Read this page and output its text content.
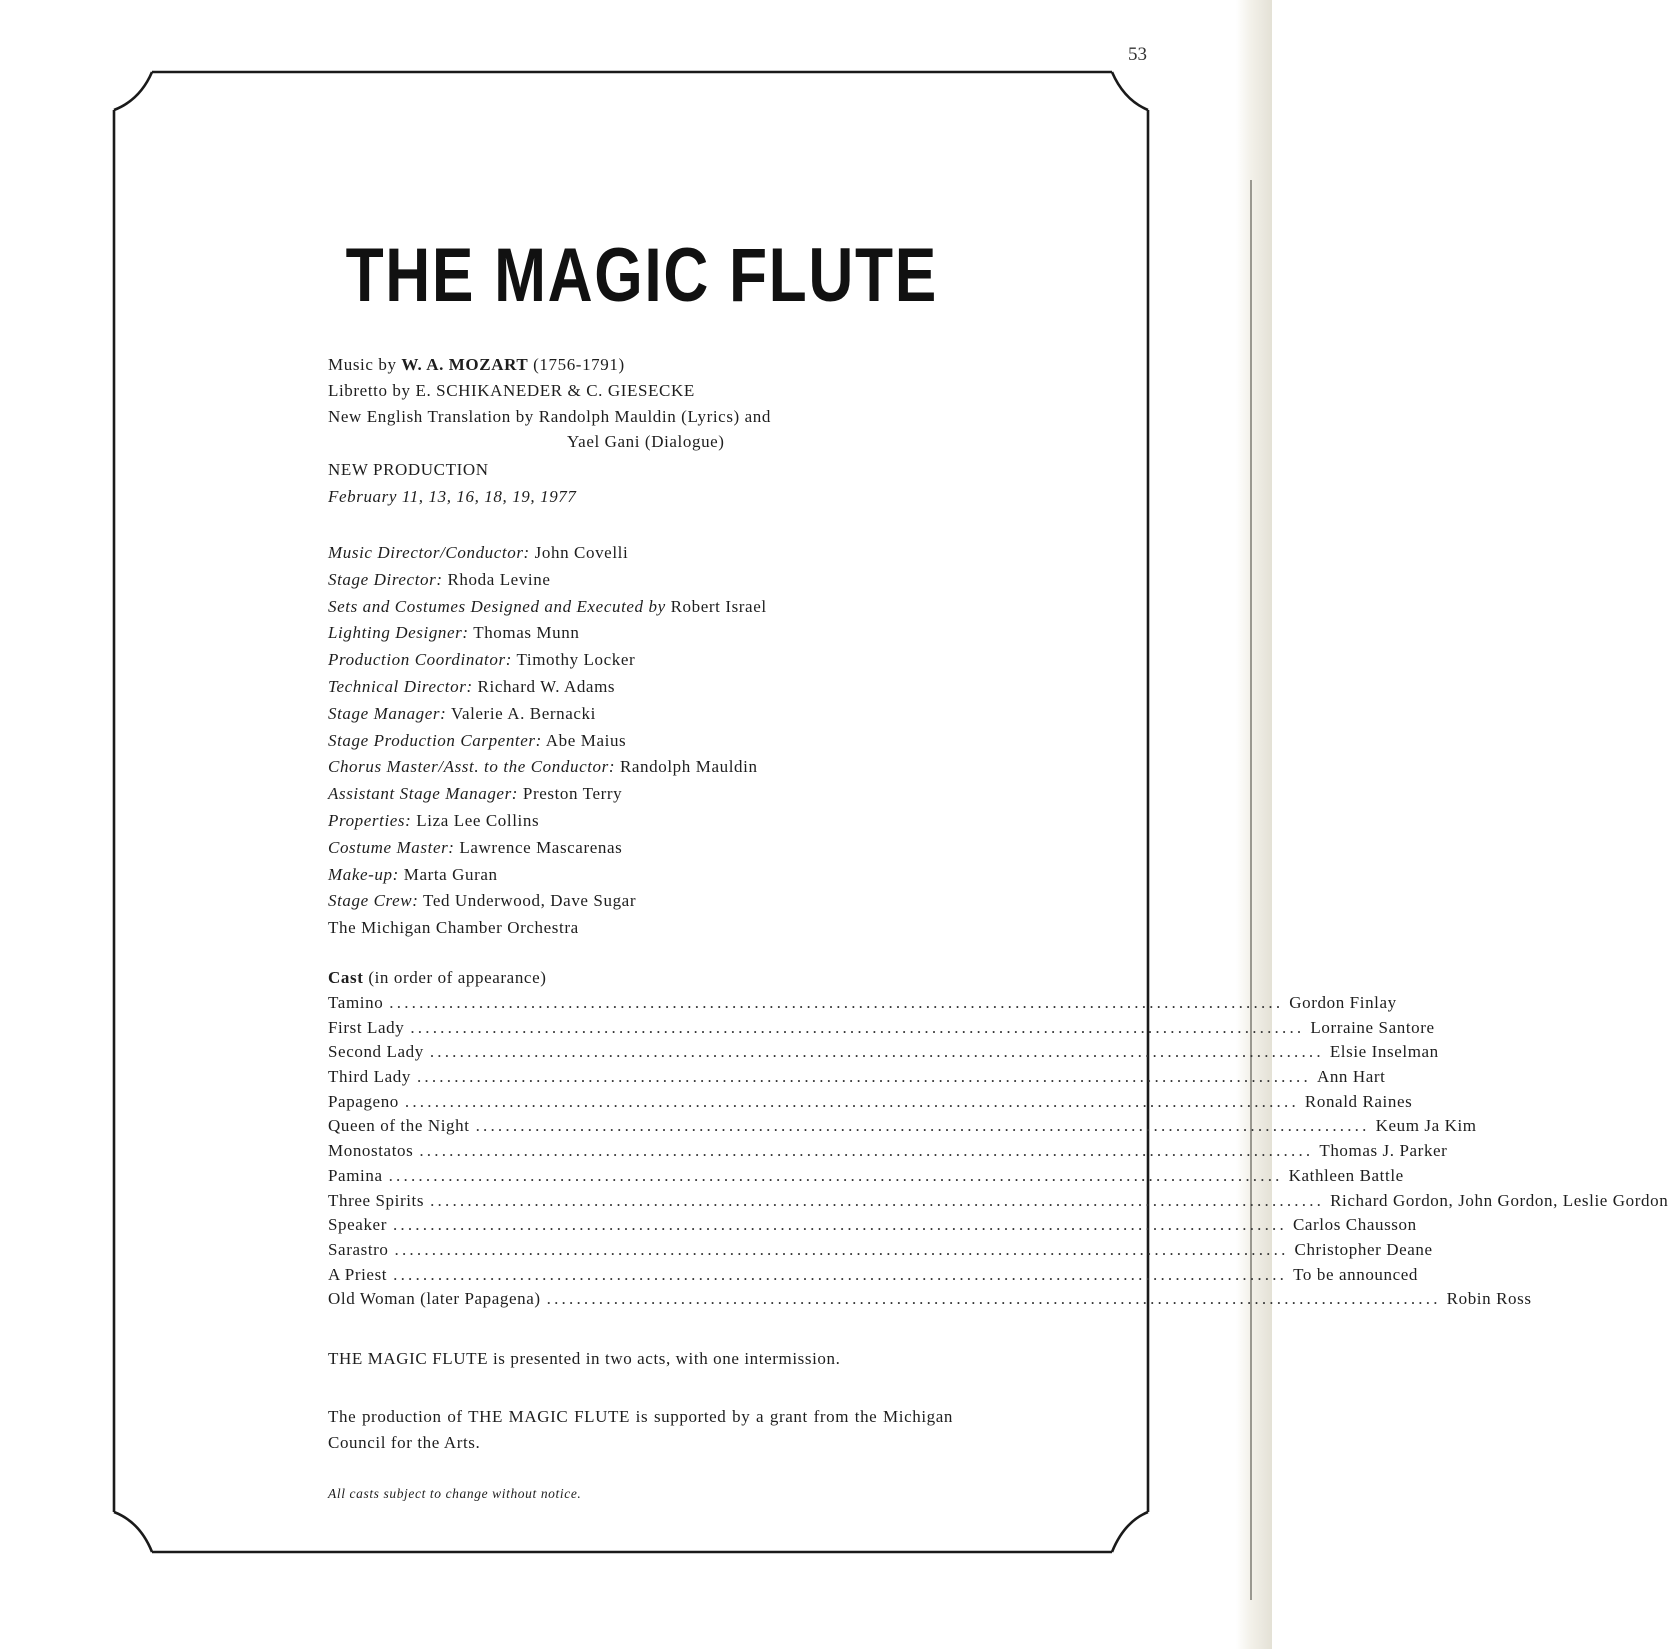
53
THE MAGIC FLUTE
Music by W. A. MOZART (1756-1791)
Libretto by E. SCHIKANEDER & C. GIESECKE
New English Translation by Randolph Mauldin (Lyrics) and
Yael Gani (Dialogue)
NEW PRODUCTION
February 11, 13, 16, 18, 19, 1977
Music Director/Conductor: John Covelli
Stage Director: Rhoda Levine
Sets and Costumes Designed and Executed by Robert Israel
Lighting Designer: Thomas Munn
Production Coordinator: Timothy Locker
Technical Director: Richard W. Adams
Stage Manager: Valerie A. Bernacki
Stage Production Carpenter: Abe Maius
Chorus Master/Asst. to the Conductor: Randolph Mauldin
Assistant Stage Manager: Preston Terry
Properties: Liza Lee Collins
Costume Master: Lawrence Mascarenas
Make-up: Marta Guran
Stage Crew: Ted Underwood, Dave Sugar
The Michigan Chamber Orchestra
Cast (in order of appearance)
Tamino ........................................................................................................................ Gordon Finlay
First Lady ........................................................................................................................ Lorraine Santore
Second Lady ........................................................................................................................ Elsie Inselman
Third Lady ........................................................................................................................ Ann Hart
Papageno ........................................................................................................................ Ronald Raines
Queen of the Night ........................................................................................................................ Keum Ja Kim
Monostatos ........................................................................................................................ Thomas J. Parker
Pamina ........................................................................................................................ Kathleen Battle
Three Spirits ........................................................................................................................ Richard Gordon, John Gordon, Leslie Gordon
Speaker ........................................................................................................................ Carlos Chausson
Sarastro ........................................................................................................................ Christopher Deane
A Priest ........................................................................................................................ To be announced
Old Woman (later Papagena) ........................................................................................................................ Robin Ross
THE MAGIC FLUTE is presented in two acts, with one intermission.
The production of THE MAGIC FLUTE is supported by a grant from the Michigan Council for the Arts.
All casts subject to change without notice.
